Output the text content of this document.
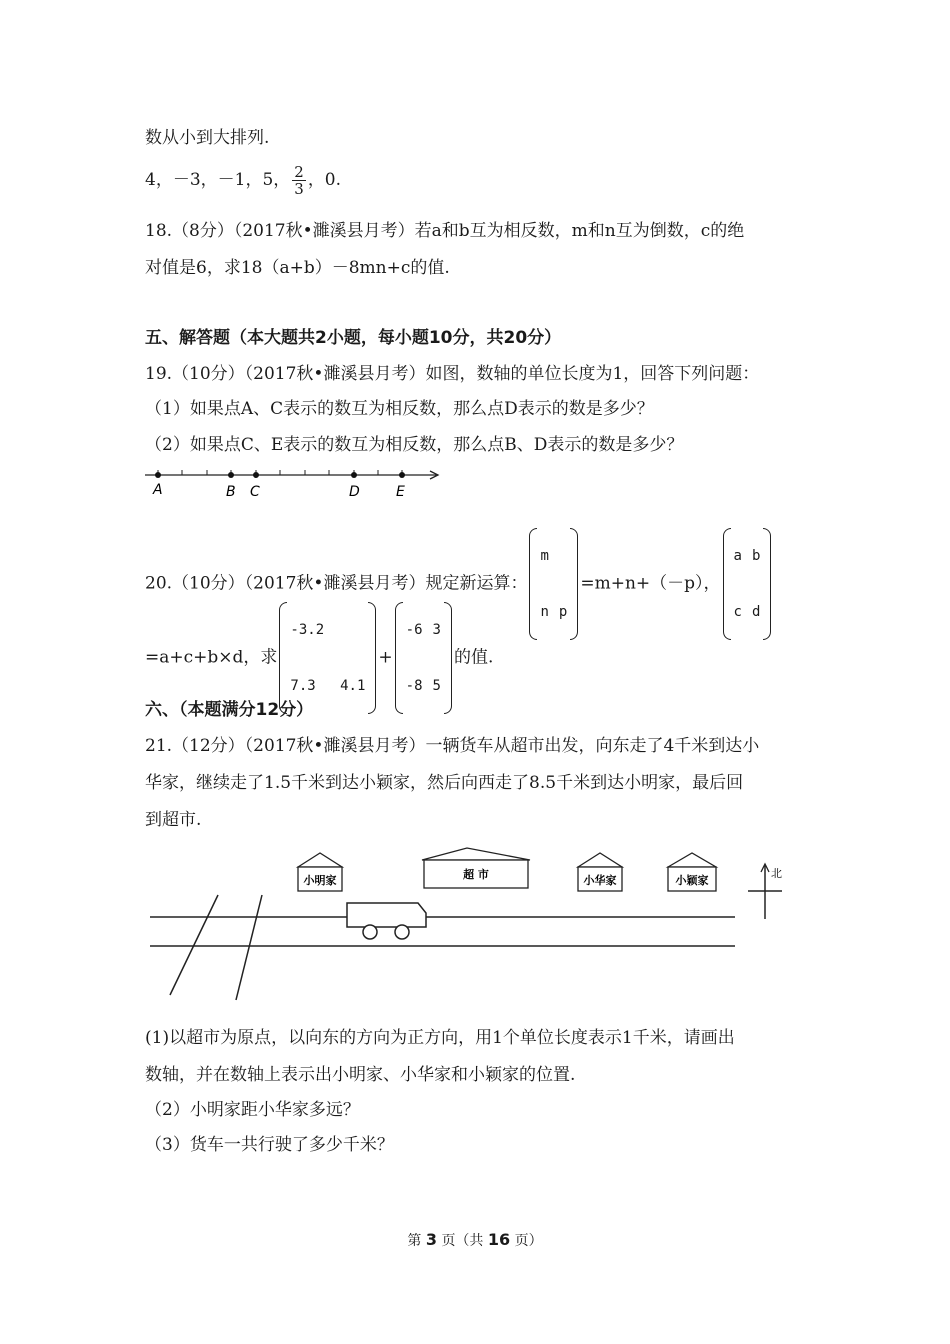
数从小到大排列.
4，－3，－1，5， $\frac{2}{3}$ ，0.
18.（8分）（2017秋•濉溪县月考）若a和b互为相反数，m和n互为倒数，c的绝
对值是6，求18（a+b）－8mn+c的值.
五、解答题（本大题共2小题，每小题10分，共20分）
19.（10分）（2017秋•濉溪县月考）如图，数轴的单位长度为1，回答下列问题：
（1）如果点A、C表示的数互为相反数，那么点D表示的数是多少？
（2）如果点C、E表示的数互为相反数，那么点B、D表示的数是多少？
A	B C	D	E
20.（10分）（2017秋•濉溪县月考）规定新运算：
m
n p
=m+n+（－p），
a b
c d
=a+c+b×d，求
-3.2
7.3	4.1
+
-6 3
-8 5
的值.
六、（本题满分12分）
21.（12分）（2017秋•濉溪县月考）一辆货车从超市出发，向东走了4千米到达小
华家，继续走了1.5千米到达小颖家，然后向西走了8.5千米到达小明家，最后回
到超市.
小明家	超 市	小华家	小颖家
北
(1)以超市为原点，以向东的方向为正方向，用1个单位长度表示1千米，请画出
数轴，并在数轴上表示出小明家、小华家和小颖家的位置.
（2）小明家距小华家多远？
（3）货车一共行驶了多少千米？
第 3 页（共 16 页）
